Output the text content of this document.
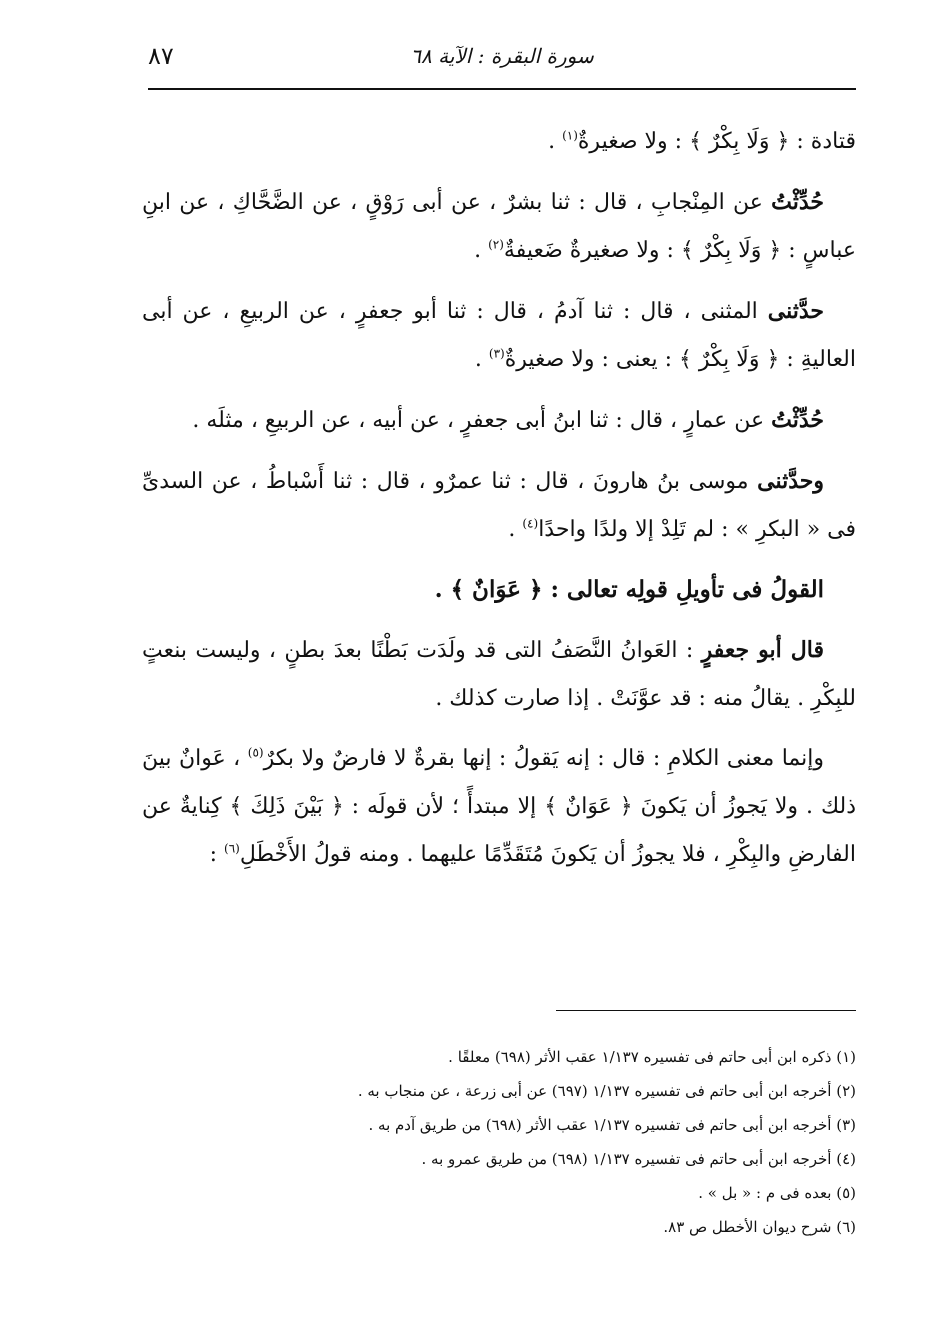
سورة البقرة : الآية ٦٨
٨٧

قتادة : ﴿ وَلَا بِكْرٌ ﴾ : ولا صغيرةٌ$^{(١)}$ .

حُدِّثْتُ عن المِنْجابِ ، قال : ثنا بشرٌ ، عن أبى رَوْقٍ ، عن الضَّحَّاكِ ، عن ابنِ عباسٍ : ﴿ وَلَا بِكْرٌ ﴾ : ولا صغيرةٌ ضَعيفةٌ$^{(٢)}$ .

حدَّثنى المثنى ، قال : ثنا آدمُ ، قال : ثنا أبو جعفرٍ ، عن الربيعِ ، عن أبى العاليةِ : ﴿ وَلَا بِكْرٌ ﴾ : يعنى : ولا صغيرةٌ$^{(٣)}$ .

حُدِّثْتُ عن عمارٍ ، قال : ثنا ابنُ أبى جعفرٍ ، عن أبيه ، عن الربيعِ ، مثلَه .

وحدَّثنى موسى بنُ هارونَ ، قال : ثنا عمرٌو ، قال : ثنا أَسْباطُ ، عن السدىِّ فى « البكرِ » : لم تَلِدْ إلا ولدًا واحدًا$^{(٤)}$ .

القولُ فى تأويلِ قولِه تعالى : ﴿ عَوَانٌ ﴾ .

قال أبو جعفرٍ : العَوانُ النَّصَفُ التى قد ولَدَت بَطْنًا بعدَ بطنٍ ، وليست بنعتٍ للبِكْرِ . يقالُ منه : قد عوَّنَتْ . إذا صارت كذلك .

وإنما معنى الكلامِ : قال : إنه يَقولُ : إنها بقرةٌ لا فارضٌ ولا بكرٌ$^{(٥)}$ ، عَوانٌ بينَ ذلك . ولا يَجوزُ أن يَكونَ ﴿ عَوَانٌ ﴾ إلا مبتدأً ؛ لأن قولَه : ﴿ بَيْنَ ذَلِكَ ﴾ كِنايةٌ عن الفارضِ والبِكْرِ ، فلا يجوزُ أن يَكونَ مُتَقَدِّمًا عليهما . ومنه قولُ الأَخْطَلِ$^{(٦)}$ :

(١) ذكره ابن أبى حاتم فى تفسيره ١/١٣٧ عقب الأثر (٦٩٨) معلقًا .

(٢) أخرجه ابن أبى حاتم فى تفسيره ١/١٣٧ (٦٩٧) عن أبى زرعة ، عن منجاب به .

(٣) أخرجه ابن أبى حاتم فى تفسيره ١/١٣٧ عقب الأثر (٦٩٨) من طريق آدم به .

(٤) أخرجه ابن أبى حاتم فى تفسيره ١/١٣٧ (٦٩٨) من طريق عمرو به .

(٥) بعده فى م : « بل » .

(٦) شرح ديوان الأخطل ص ٨٣.
